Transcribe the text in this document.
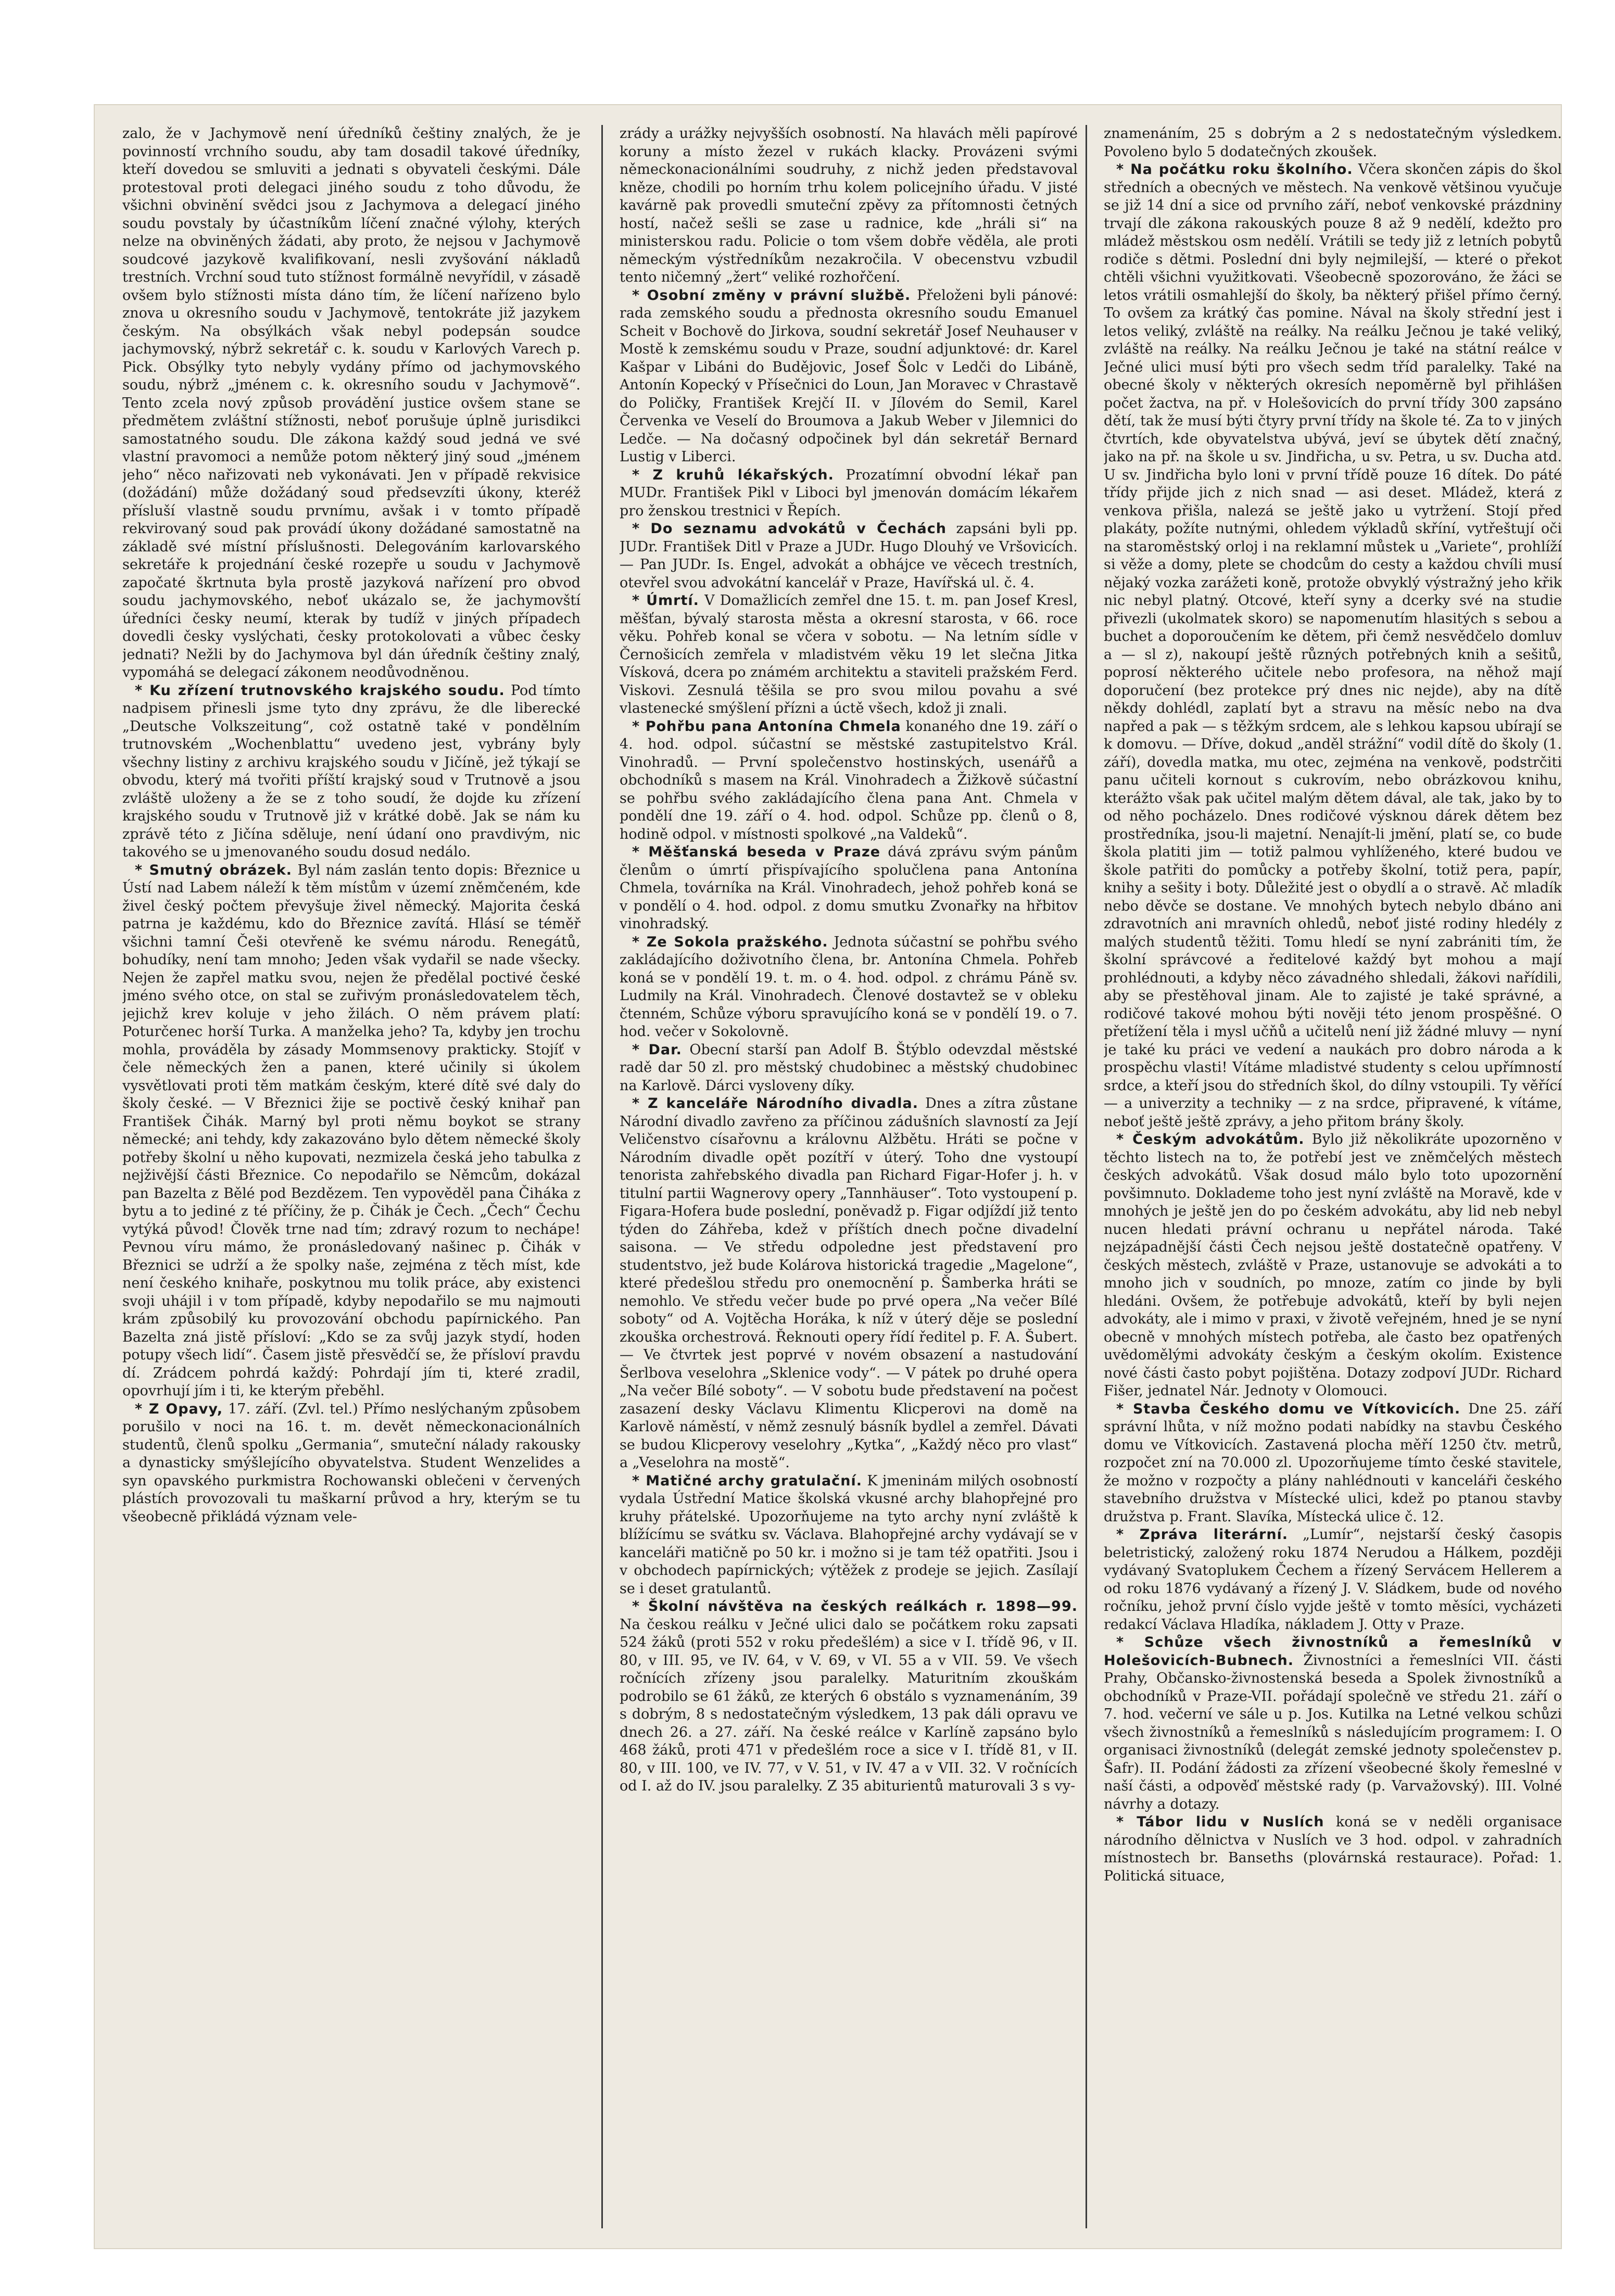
zalo, že v Jachymově není úředníků češtiny znalých, že je povinností vrchního soudu, aby tam dosadil takové úředníky, kteří dovedou se smluviti a jednati s obyvateli českými. Dále protestoval proti delegaci jiného soudu z toho důvodu, že všichni obvinění svědci jsou z Jachymova a delegací jiného soudu povstaly by účastníkům líčení značné výlohy, kterých nelze na obviněných žádati, aby proto, že nejsou v Jachymově soudcové jazykově kvalifikovaní, nesli zvyšování nákladů trestních. Vrchní soud tuto stížnost formálně nevyřídil, v zásadě ovšem bylo stížnosti místa dáno tím, že líčení nařízeno bylo znova u okresního soudu v Jachymově, tentokráte již jazykem českým. Na obsýlkách však nebyl podepsán soudce jachymovský, nýbrž sekretář c. k. soudu v Karlových Varech p. Pick. Obsýlky tyto nebyly vydány přímo od jachymovského soudu, nýbrž „jménem c. k. okresního soudu v Jachymově“. Tento zcela nový způsob provádění justice ovšem stane se předmětem zvláštní stížnosti, neboť porušuje úplně jurisdikci samostatného soudu. Dle zákona každý soud jedná ve své vlastní pravomoci a nemůže potom některý jiný soud „jménem jeho“ něco nařizovati neb vykonávati. Jen v případě rekvisice (dožádání) může dožádaný soud předsevzíti úkony, kteréž přísluší vlastně soudu prvnímu, avšak i v tomto případě rekvirovaný soud pak provádí úkony dožádané samostatně na základě své místní příslušnosti. Delegováním karlovarského sekretáře k projednání české rozepře u soudu v Jachymově započaté škrtnuta byla prostě jazyková nařízení pro obvod soudu jachymovského, neboť ukázalo se, že jachymovští úředníci česky neumí, kterak by tudíž v jiných případech dovedli česky vyslýchati, česky protokolovati a vůbec česky jednati? Nežli by do Jachymova byl dán úředník češtiny znalý, vypomáhá se delegací zákonem neodůvodněnou.

* Ku zřízení trutnovského krajského soudu. Pod tímto nadpisem přinesli jsme tyto dny zprávu, že dle liberecké „Deutsche Volkszeitung“, což ostatně také v pondělním trutnovském „Wochenblattu“ uvedeno jest, vybrány byly všechny listiny z archivu krajského soudu v Jičíně, jež týkají se obvodu, který má tvořiti příští krajský soud v Trutnově a jsou zvláště uloženy a že se z toho soudí, že dojde ku zřízení krajského soudu v Trutnově již v krátké době. Jak se nám ku zprávě této z Jičína sděluje, není údaní ono pravdivým, nic takového se u jmenovaného soudu dosud nedálo.

* Smutný obrázek. Byl nám zaslán tento dopis: Březnice u Ústí nad Labem náleží k těm místům v území zněmčeném, kde živel český počtem převyšuje živel německý. Majorita česká patrna je každému, kdo do Březnice zavítá. Hlásí se téměř všichni tamní Češi otevřeně ke svému národu. Renegátů, bohudíky, není tam mnoho; Jeden však vydařil se nade všecky. Nejen že zapřel matku svou, nejen že předělal poctivé české jméno svého otce, on stal se zuřivým pronásledovatelem těch, jejichž krev koluje v jeho žilách. O něm právem platí: Poturčenec horší Turka. A manželka jeho? Ta, kdyby jen trochu mohla, prováděla by zásady Mommsenovy prakticky. Stojíť v čele německých žen a panen, které učinily si úkolem vysvětlovati proti těm matkám českým, které dítě své daly do školy české. — V Březnici žije se poctivě český knihař pan František Čihák. Marný byl proti němu boykot se strany německé; ani tehdy, kdy zakazováno bylo dětem německé školy potřeby školní u něho kupovati, nezmizela česká jeho tabulka z nejživější části Březnice. Co nepodařilo se Němcům, dokázal pan Bazelta z Bělé pod Bezdězem. Ten vypověděl pana Čiháka z bytu a to jediné z té příčiny, že p. Čihák je Čech. „Čech“ Čechu vytýká původ! Člověk trne nad tím; zdravý rozum to nechápe! Pevnou víru mámo, že pronásledovaný našinec p. Čihák v Březnici se udrží a že spolky naše, zejména z těch míst, kde není českého knihaře, poskytnou mu tolik práce, aby existenci svoji uhájil i v tom případě, kdyby nepodařilo se mu najmouti krám způsobilý ku provozování obchodu papírnického. Pan Bazelta zná jistě přísloví: „Kdo se za svůj jazyk stydí, hoden potupy všech lidí“. Časem jistě přesvědčí se, že přísloví pravdu dí. Zrádcem pohrdá každý: Pohrdají jím ti, které zradil, opovrhují jím i ti, ke kterým přeběhl.

* Z Opavy, 17. září. (Zvl. tel.) Přímo neslýchaným způsobem porušilo v noci na 16. t. m. devět německonacionálních studentů, členů spolku „Germania“, smuteční nálady rakousky a dynasticky smýšlejícího obyvatelstva. Student Wenzelides a syn opavského purkmistra Rochowanski oblečeni v červených plástích provozovali tu maškarní průvod a hry, kterým se tu všeobecně přikládá význam vele-

zrády a urážky nejvyšších osobností. Na hlavách měli papírové koruny a místo žezel v rukách klacky. Provázeni svými německonacionálními soudruhy, z nichž jeden představoval kněze, chodili po horním trhu kolem policejního úřadu. V jisté kavárně pak provedli smuteční zpěvy za přítomnosti četných hostí, načež sešli se zase u radnice, kde „hráli si“ na ministerskou radu. Policie o tom všem dobře věděla, ale proti německým výstředníkům nezakročila. V obecenstvu vzbudil tento ničemný „žert“ veliké rozhořčení.

* Osobní změny v právní službě. Přeloženi byli pánové: rada zemského soudu a přednosta okresního soudu Emanuel Scheit v Bochově do Jirkova, soudní sekretář Josef Neuhauser v Mostě k zemskému soudu v Praze, soudní adjunktové: dr. Karel Kašpar v Libáni do Budějovic, Josef Šolc v Ledči do Libáně, Antonín Kopecký v Přísečnici do Loun, Jan Moravec v Chrastavě do Poličky, František Krejčí II. v Jílovém do Semil, Karel Červenka ve Veselí do Broumova a Jakub Weber v Jilemnici do Ledče. — Na dočasný odpočinek byl dán sekretář Bernard Lustig v Liberci.

* Z kruhů lékařských. Prozatímní obvodní lékař pan MUDr. František Pikl v Liboci byl jmenován domácím lékařem pro ženskou trestnici v Řepích.

* Do seznamu advokátů v Čechách zapsáni byli pp. JUDr. František Ditl v Praze a JUDr. Hugo Dlouhý ve Vršovicích. — Pan JUDr. Is. Engel, advokát a obhájce ve věcech trestních, otevřel svou advokátní kancelář v Praze, Havířská ul. č. 4.

* Úmrtí. V Domažlicích zemřel dne 15. t. m. pan Josef Kresl, měšťan, bývalý starosta města a okresní starosta, v 66. roce věku. Pohřeb konal se včera v sobotu. — Na letním sídle v Černošicích zemřela v mladistvém věku 19 let slečna Jitka Vísková, dcera po známém architektu a staviteli pražském Ferd. Viskovi. Zesnulá těšila se pro svou milou povahu a své vlastenecké smýšlení přízni a úctě všech, kdož ji znali.

* Pohřbu pana Antonína Chmela konaného dne 19. září o 4. hod. odpol. súčastní se městské zastupitelstvo Král. Vinohradů. — První společenstvo hostinských, usenářů a obchodníků s masem na Král. Vinohradech a Žižkově súčastní se pohřbu svého zakládajícího člena pana Ant. Chmela v pondělí dne 19. září o 4. hod. odpol. Schůze pp. členů o 8, hodině odpol. v místnosti spolkové „na Valdeků“.

* Měšťanská beseda v Praze dává zprávu svým pánům členům o úmrtí přispívajícího spolučlena pana Antonína Chmela, továrníka na Král. Vinohradech, jehož pohřeb koná se v pondělí o 4. hod. odpol. z domu smutku Zvonařky na hřbitov vinohradský.

* Ze Sokola pražského. Jednota súčastní se pohřbu svého zakládajícího doživotního člena, br. Antonína Chmela. Pohřeb koná se v pondělí 19. t. m. o 4. hod. odpol. z chrámu Páně sv. Ludmily na Král. Vinohradech. Členové dostavtež se v obleku čtenném, Schůze výboru spravujícího koná se v pondělí 19. o 7. hod. večer v Sokolovně.

* Dar. Obecní starší pan Adolf B. Štýblo odevzdal městské radě dar 50 zl. pro městský chudobinec a městský chudobinec na Karlově. Dárci vysloveny díky.

* Z kanceláře Národního divadla. Dnes a zítra zůstane Národní divadlo zavřeno za příčinou zádušních slavností za Její Veličenstvo císařovnu a královnu Alžbětu. Hráti se počne v Národním divadle opět pozítří v úterý. Toho dne vystoupí tenorista zahřebského divadla pan Richard Figar-Hofer j. h. v titulní partii Wagnerovy opery „Tannhäuser“. Toto vystoupení p. Figara-Hofera bude poslední, poněvadž p. Figar odjíždí již tento týden do Záhřeba, kdež v příštích dnech počne divadelní saisona. — Ve středu odpoledne jest představení pro studentstvo, jež bude Kolárova historická tragedie „Magelone“, které předešlou středu pro onemocnění p. Šamberka hráti se nemohlo. Ve středu večer bude po prvé opera „Na večer Bílé soboty“ od A. Vojtěcha Horáka, k níž v úterý děje se poslední zkouška orchestrová. Řeknouti opery řídí ředitel p. F. A. Šubert. — Ve čtvrtek jest poprvé v novém obsazení a nastudování Šerlbova veselohra „Sklenice vody“. — V pátek po druhé opera „Na večer Bílé soboty“. — V sobotu bude představení na počest zasazení desky Václavu Klimentu Klicperovi na domě na Karlově náměstí, v němž zesnulý básník bydlel a zemřel. Dávati se budou Klicperovy veselohry „Kytka“, „Každý něco pro vlast“ a „Veselohra na mostě“.

* Matičné archy gratulační. K jmeninám milých osobností vydala Ústřední Matice školská vkusné archy blahopřejné pro kruhy přátelské. Upozorňujeme na tyto archy nyní zvláště k blížícímu se svátku sv. Václava. Blahopřejné archy vydávají se v kanceláři matičně po 50 kr. i možno si je tam též opatřiti. Jsou i v obchodech papírnických; výtěžek z prodeje se jejich. Zasílají se i deset gratulantů.

* Školní návštěva na českých reálkách r. 1898—99. Na českou reálku v Ječné ulici dalo se počátkem roku zapsati 524 žáků (proti 552 v roku předešlém) a sice v I. třídě 96, v II. 80, v III. 95, ve IV. 64, v V. 69, v VI. 55 a v VII. 59. Ve všech ročnících zřízeny jsou paralelky. Maturitním zkouškám podrobilo se 61 žáků, ze kterých 6 obstálo s vyznamenáním, 39 s dobrým, 8 s nedostatečným výsledkem, 13 pak dáli opravu ve dnech 26. a 27. září. Na české reálce v Karlíně zapsáno bylo 468 žáků, proti 471 v předešlém roce a sice v I. třídě 81, v II. 80, v III. 100, ve IV. 77, v V. 51, v IV. 47 a v VII. 32. V ročnících od I. až do IV. jsou paralelky. Z 35 abiturientů maturovali 3 s vy-

znamenáním, 25 s dobrým a 2 s nedostatečným výsledkem. Povoleno bylo 5 dodatečných zkoušek.

* Na počátku roku školního. Včera skončen zápis do škol středních a obecných ve městech. Na venkově většinou vyučuje se již 14 dní a sice od prvního září, neboť venkovské prázdniny trvají dle zákona rakouských pouze 8 až 9 nedělí, kdežto pro mládež městskou osm nedělí. Vrátili se tedy již z letních pobytů rodiče s dětmi. Poslední dni byly nejmilejší, — které o překot chtěli všichni využitkovati. Všeobecně spozorováno, že žáci se letos vrátili osmahlejší do školy, ba některý přišel přímo černý. To ovšem za krátký čas pomine. Nával na školy střední jest i letos veliký, zvláště na reálky. Na reálku Ječnou je také veliký, zvláště na reálky. Na reálku Ječnou je také na státní reálce v Ječné ulici musí býti pro všech sedm tříd paralelky. Také na obecné školy v některých okresích nepoměrně byl přihlášen počet žactva, na př. v Holešovicích do první třídy 300 zapsáno dětí, tak že musí býti čtyry první třídy na škole té. Za to v jiných čtvrtích, kde obyvatelstva ubývá, jeví se úbytek dětí značný, jako na př. na škole u sv. Jindřicha, u sv. Petra, u sv. Ducha atd. U sv. Jindřicha bylo loni v první třídě pouze 16 dítek. Do páté třídy přijde jich z nich snad — asi deset. Mládež, která z venkova přišla, nalezá se ještě jako u vytržení. Stojí před plakáty, požíte nutnými, ohledem výkladů skříní, vytřeštují oči na staroměstský orloj i na reklamní můstek u „Variete“, prohlíží si věže a domy, plete se chodcům do cesty a každou chvíli musí nějaký vozka zarážeti koně, protože obvyklý výstražný jeho křik nic nebyl platný. Otcové, kteří syny a dcerky své na studie přivezli (ukolmatek skoro) se napomenutím hlasitých s sebou a buchet a doporoučením ke dětem, při čemž nesvědčelo domluv a — sl z), nakoupí ještě různých potřebných knih a sešitů, poprosí některého učitele nebo profesora, na něhož mají doporučení (bez protekce prý dnes nic nejde), aby na dítě někdy dohlédl, zaplatí byt a stravu na měsíc nebo na dva napřed a pak — s těžkým srdcem, ale s lehkou kapsou ubírají se k domovu. — Dříve, dokud „anděl strážní“ vodil dítě do školy (1. září), dovedla matka, mu otec, zejména na venkově, podstrčiti panu učiteli kornout s cukrovím, nebo obrázkovou knihu, kterážto však pak učitel malým dětem dával, ale tak, jako by to od něho pocházelo. Dnes rodičové výsknou dárek dětem bez prostředníka, jsou-li majetní. Nenajít-li jmění, platí se, co bude škola platiti jim — totiž palmou vyhlíženého, které budou ve škole patřiti do pomůcky a potřeby školní, totiž pera, papír, knihy a sešity i boty. Důležité jest o obydlí a o stravě. Ač mladík nebo děvče se dostane. Ve mnohých bytech nebylo dbáno ani zdravotních ani mravních ohledů, neboť jisté rodiny hledély z malých studentů těžiti. Tomu hledí se nyní zabrániti tím, že školní správcové a ředitelové každý byt mohou a mají prohlédnouti, a kdyby něco závadného shledali, žákovi nařídili, aby se přestěhoval jinam. Ale to zajisté je také správné, a rodičové takové mohou býti nověji této jenom prospěšné. O přetížení těla i mysl učňů a učitelů není již žádné mluvy — nyní je také ku práci ve vedení a naukách pro dobro národa a k prospěchu vlasti! Vítáme mladistvé studenty s celou upřímností srdce, a kteří jsou do středních škol, do dílny vstoupili. Ty věřící — a univerzity a techniky — z na srdce, připravené, k vítáme, neboť ještě ještě zprávy, a jeho přitom brány školy.

* Českým advokátům. Bylo již několikráte upozorněno v těchto listech na to, že potřebí jest ve zněmčelých městech českých advokátů. Však dosud málo bylo toto upozornění povšimnuto. Doklademe toho jest nyní zvláště na Moravě, kde v mnohých je ještě jen do po českém advokátu, aby lid neb nebyl nucen hledati právní ochranu u nepřátel národa. Také nejzápadnější části Čech nejsou ještě dostatečně opatřeny. V českých městech, zvláště v Praze, ustanovuje se advokáti a to mnoho jich v soudních, po mnoze, zatím co jinde by byli hledáni. Ovšem, že potřebuje advokátů, kteří by byli nejen advokáty, ale i mimo v praxi, v životě veřejném, hned je se nyní obecně v mnohých místech potřeba, ale často bez opatřených uvědomělými advokáty českým a českým okolím. Existence nové části často pobyt pojištěna. Dotazy zodpoví JUDr. Richard Fišer, jednatel Nár. Jednoty v Olomouci.

* Stavba Českého domu ve Vítkovicích. Dne 25. září správní lhůta, v níž možno podati nabídky na stavbu Českého domu ve Vítkovicích. Zastavená plocha měří 1250 čtv. metrů, rozpočet zní na 70.000 zl. Upozorňujeme tímto české stavitele, že možno v rozpočty a plány nahlédnouti v kanceláři českého stavebního družstva v Místecké ulici, kdež po ptanou stavby družstva p. Frant. Slavíka, Místecká ulice č. 12.

* Zpráva literární. „Lumír“, nejstarší český časopis beletristický, založený roku 1874 Nerudou a Hálkem, později vydávaný Svatoplukem Čechem a řízený Servácem Hellerem a od roku 1876 vydávaný a řízený J. V. Sládkem, bude od nového ročníku, jehož první číslo vyjde ještě v tomto měsíci, vycházeti redakcí Václava Hladíka, nákladem J. Otty v Praze.

* Schůze všech živnostníků a řemeslníků v Holešovicích-Bubnech. Živnostníci a řemeslníci VII. části Prahy, Občansko-živnostenská beseda a Spolek živnostníků a obchodníků v Praze-VII. pořádají společně ve středu 21. září o 7. hod. večerní ve sále u p. Jos. Kutilka na Letné velkou schůzi všech živnostníků a řemeslníků s následujícím programem: I. O organisaci živnostníků (delegát zemské jednoty společenstev p. Šafr). II. Podání žádosti za zřízení všeobecné školy řemeslné v naší části, a odpověď městské rady (p. Varvažovský). III. Volné návrhy a dotazy.

* Tábor lidu v Nuslích koná se v neděli organisace národního dělnictva v Nuslích ve 3 hod. odpol. v zahradních místnostech br. Banseths (plovárnská restaurace). Pořad: 1. Politická situace,
